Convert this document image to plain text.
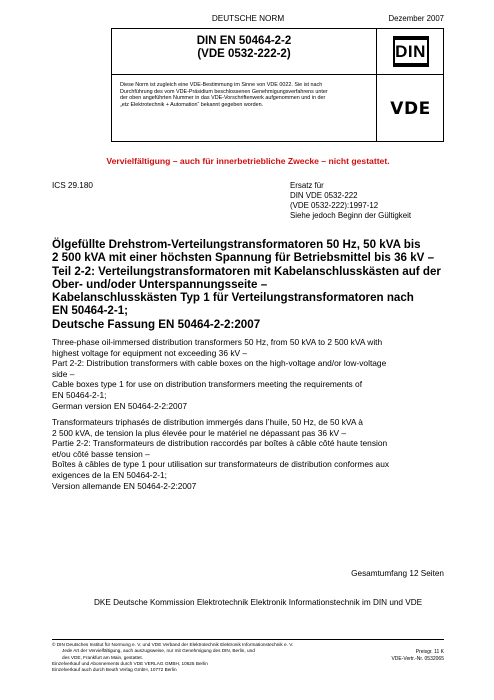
DEUTSCHE NORM	Dezember 2007
DIN EN 50464-2-2
(VDE 0532-222-2)	DIN
Diese Norm ist zugleich eine VDE-Bestimmung im Sinne von VDE 0022. Sie ist nach
Durchführung des vom VDE-Präsidium beschlossenen Genehmigungsverfahrens unter
der oben angeführten Nummer in das VDE-Vorschriftenwerk aufgenommen und in der
„etz Elektrotechnik + Automation“ bekannt gegeben worden.	VDE
Vervielfältigung – auch für innerbetriebliche Zwecke – nicht gestattet.
ICS 29.180	Ersatz für
DIN VDE 0532-222
(VDE 0532-222):1997-12
Siehe jedoch Beginn der Gültigkeit
Ölgefüllte Drehstrom-Verteilungstransformatoren 50 Hz, 50 kVA bis
2 500 kVA mit einer höchsten Spannung für Betriebsmittel bis 36 kV –
Teil 2-2: Verteilungstransformatoren mit Kabelanschlusskästen auf der
Ober- und/oder Unterspannungsseite –
Kabelanschlusskästen Typ 1 für Verteilungstransformatoren nach
EN 50464-2-1;
Deutsche Fassung EN 50464-2-2:2007
Three-phase oil-immersed distribution transformers 50 Hz, from 50 kVA to 2 500 kVA with
highest voltage for equipment not exceeding 36 kV –
Part 2-2: Distribution transformers with cable boxes on the high-voltage and/or low-voltage
side –
Cable boxes type 1 for use on distribution transformers meeting the requirements of
EN 50464-2-1;
German version EN 50464-2-2:2007
Transformateurs triphasés de distribution immergés dans l’huile, 50 Hz, de 50 kVA à
2 500 kVA, de tension la plus élevée pour le matériel ne dépassant pas 36 kV –
Partie 2-2: Transformateurs de distribution raccordés par boîtes à câble côté haute tension
et/ou côté basse tension –
Boîtes à câbles de type 1 pour utilisation sur transformateurs de distribution conformes aux
exigences de la EN 50464-2-1;
Version allemande EN 50464-2-2:2007
Gesamtumfang 12 Seiten
DKE Deutsche Kommission Elektrotechnik Elektronik Informationstechnik im DIN und VDE
© DIN Deutsches Institut für Normung e. V. und VDE Verband der Elektrotechnik Elektronik Informationstechnik e. V.
Jede Art der Vervielfältigung, auch auszugsweise, nur mit Genehmigung des DIN, Berlin, und
des VDE, Frankfurt am Main, gestattet.
Einzelverkauf und Abonnements durch VDE VERLAG GMBH, 10625 Berlin
Einzelverkauf auch durch Beuth Verlag GmbH, 10772 Berlin
Preisgr. 11 K
VDE-Vertr.-Nr. 0532065
